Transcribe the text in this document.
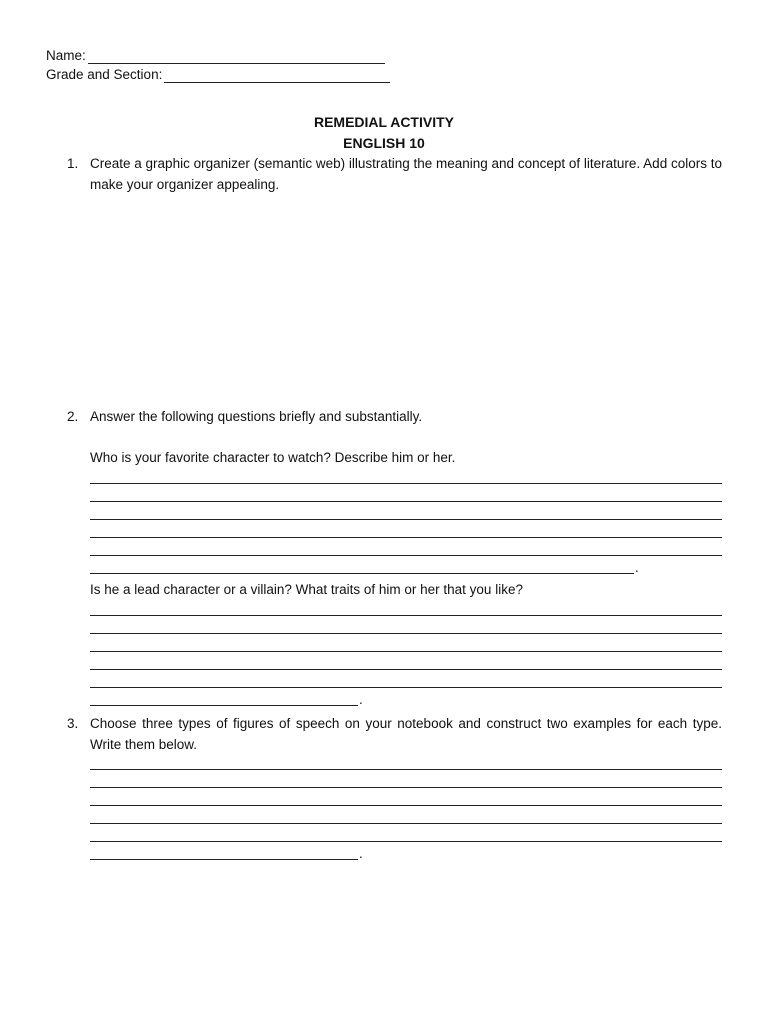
Name:
Grade and Section:
REMEDIAL ACTIVITY
ENGLISH 10
1. Create a graphic organizer (semantic web) illustrating the meaning and concept of literature. Add colors to make your organizer appealing.
2. Answer the following questions briefly and substantially.
Who is your favorite character to watch? Describe him or her.
.
Is he a lead character or a villain? What traits of him or her that you like?
.
3. Choose three types of figures of speech on your notebook and construct two examples for each type. Write them below.
.
